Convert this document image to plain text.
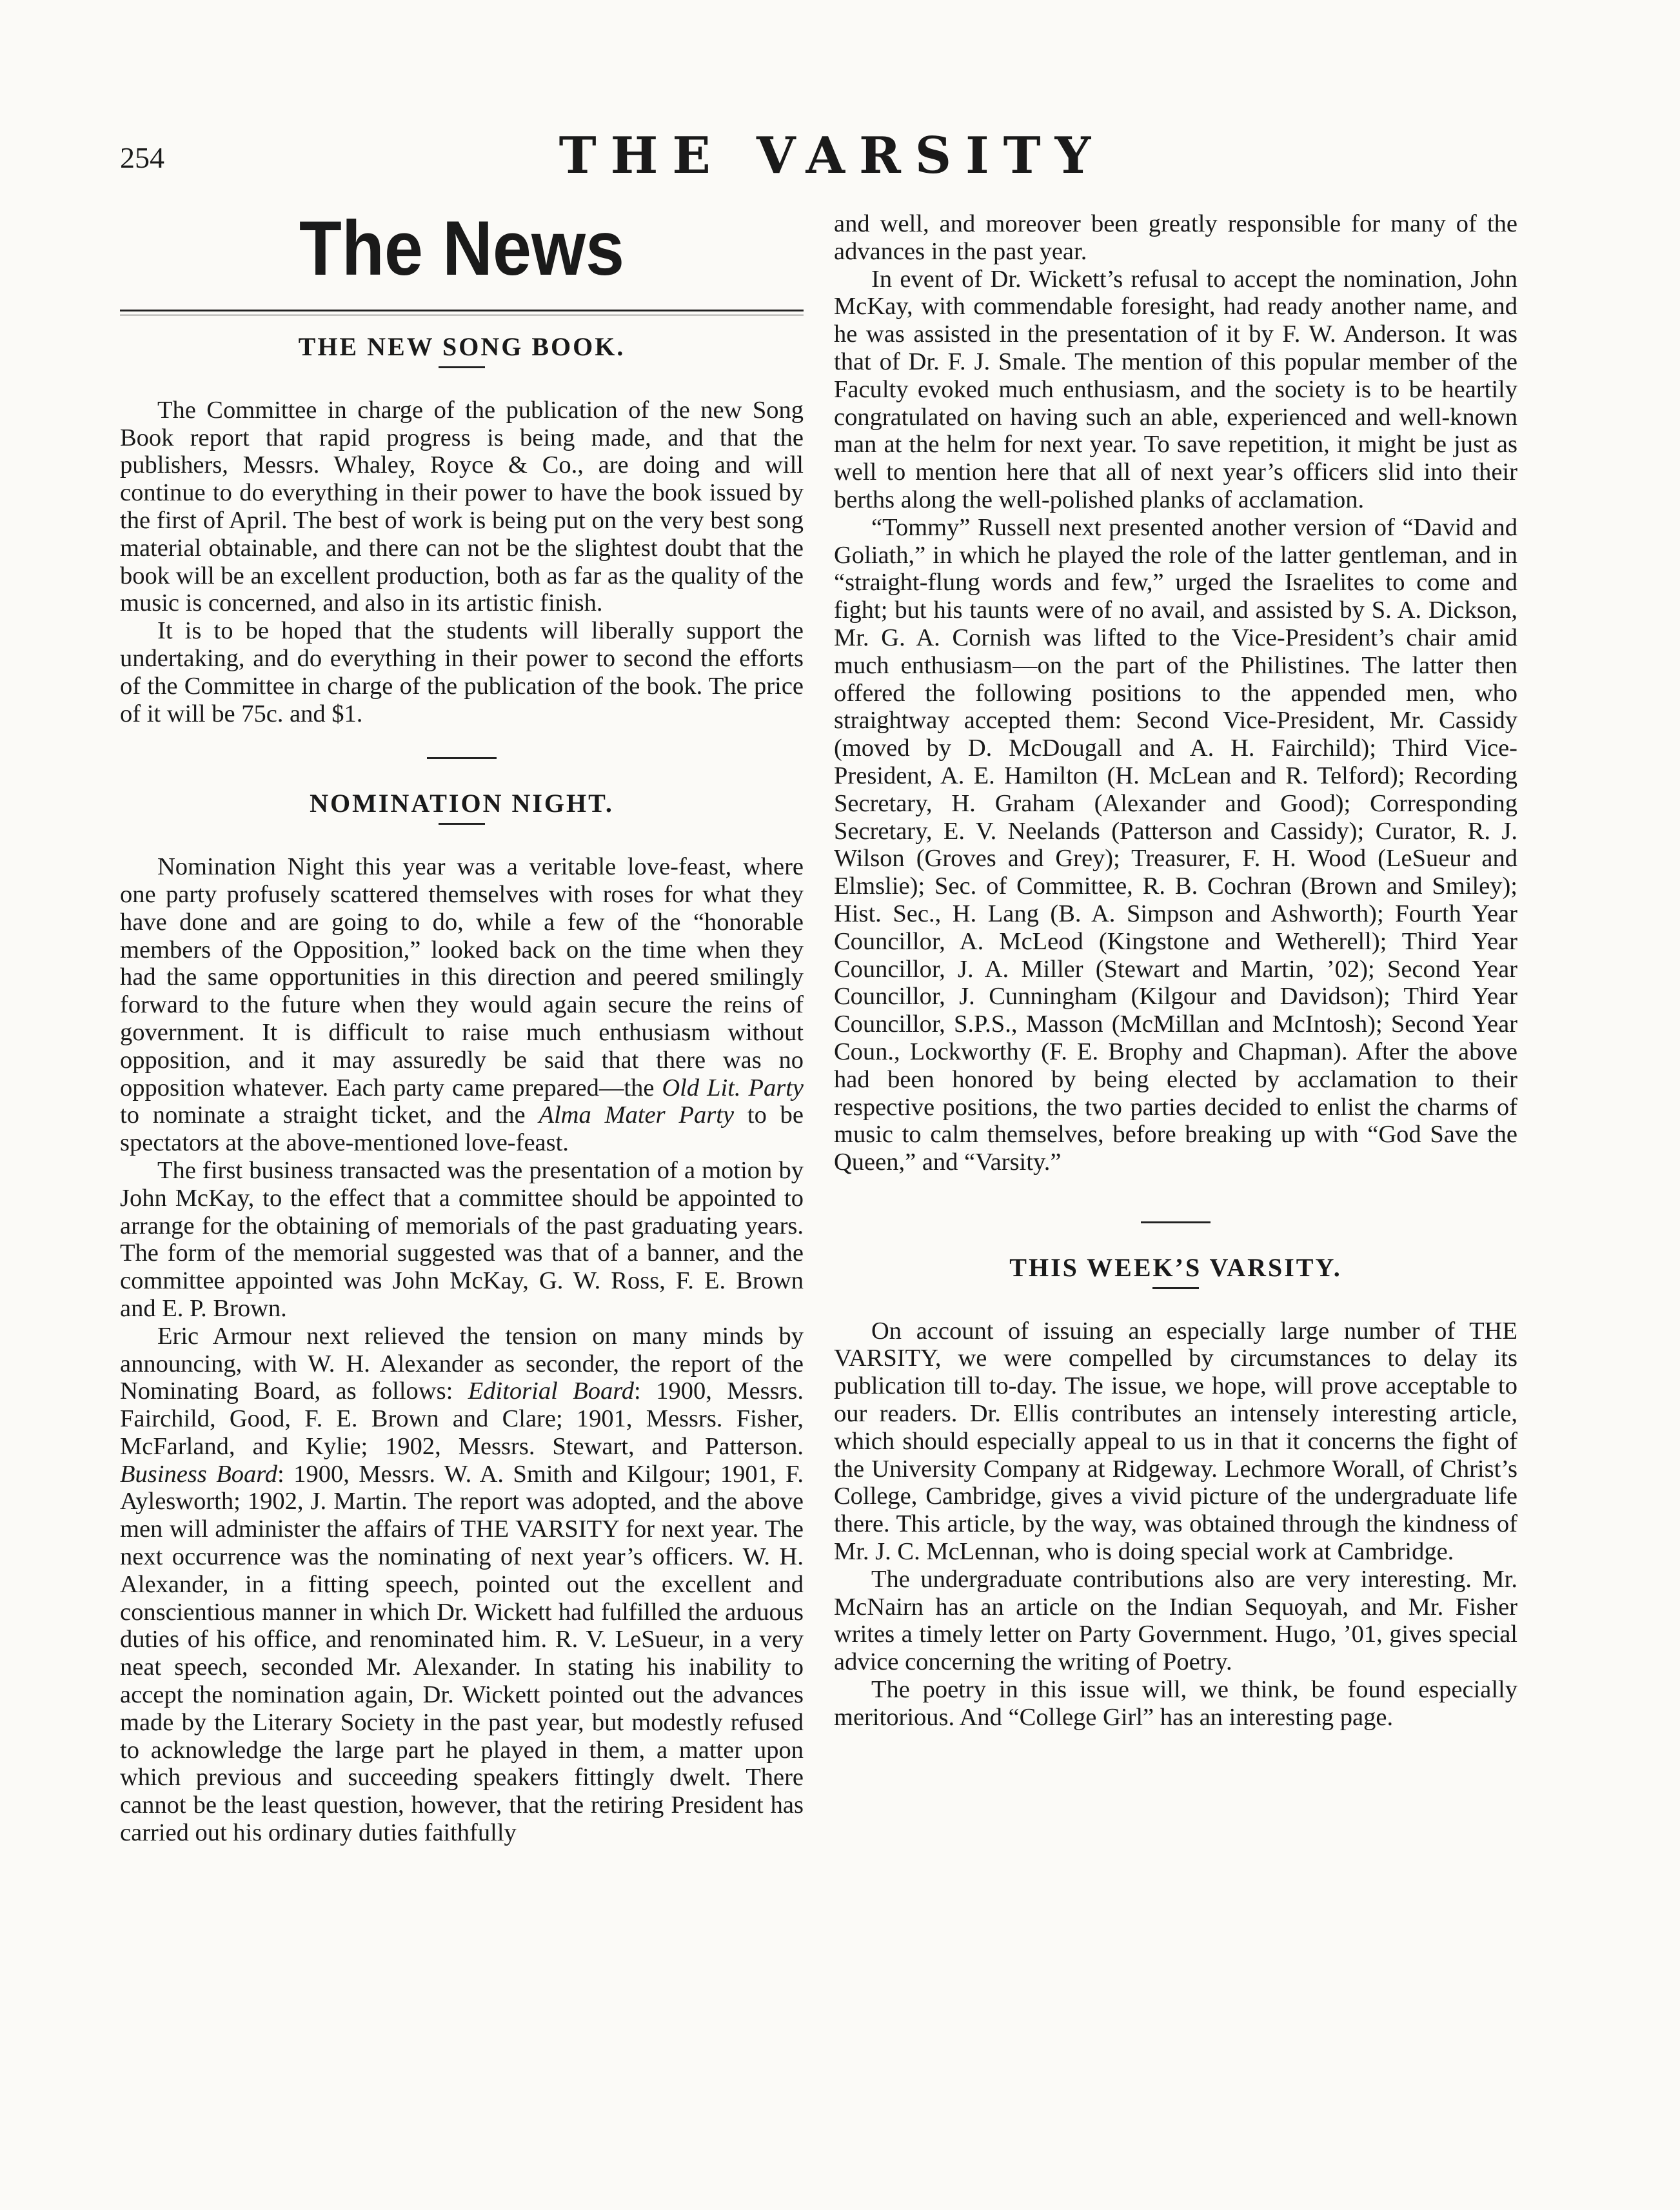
254	THE VARSITY
The News
THE NEW SONG BOOK.

The Committee in charge of the publication of the new Song Book report that rapid progress is being made, and that the publishers, Messrs. Whaley, Royce & Co., are doing and will continue to do everything in their power to have the book issued by the first of April. The best of work is being put on the very best song material obtainable, and there can not be the slightest doubt that the book will be an excellent production, both as far as the quality of the music is concerned, and also in its artistic finish.

It is to be hoped that the students will liberally support the undertaking, and do everything in their power to second the efforts of the Committee in charge of the publication of the book. The price of it will be 75c. and $1.

NOMINATION NIGHT.

Nomination Night this year was a veritable love-feast, where one party profusely scattered themselves with roses for what they have done and are going to do, while a few of the “honorable members of the Opposition,” looked back on the time when they had the same opportunities in this direction and peered smilingly forward to the future when they would again secure the reins of government. It is difficult to raise much enthusiasm without opposition, and it may assuredly be said that there was no opposition whatever. Each party came prepared—the Old Lit. Party to nominate a straight ticket, and the Alma Mater Party to be spectators at the above-mentioned love-feast.

The first business transacted was the presentation of a motion by John McKay, to the effect that a committee should be appointed to arrange for the obtaining of memorials of the past graduating years. The form of the memorial suggested was that of a banner, and the committee appointed was John McKay, G. W. Ross, F. E. Brown and E. P. Brown.

Eric Armour next relieved the tension on many minds by announcing, with W. H. Alexander as seconder, the report of the Nominating Board, as follows: Editorial Board: 1900, Messrs. Fairchild, Good, F. E. Brown and Clare; 1901, Messrs. Fisher, McFarland, and Kylie; 1902, Messrs. Stewart, and Patterson. Business Board: 1900, Messrs. W. A. Smith and Kilgour; 1901, F. Aylesworth; 1902, J. Martin. The report was adopted, and the above men will administer the affairs of THE VARSITY for next year. The next occurrence was the nominating of next year’s officers. W. H. Alexander, in a fitting speech, pointed out the excellent and conscientious manner in which Dr. Wickett had fulfilled the arduous duties of his office, and renominated him. R. V. LeSueur, in a very neat speech, seconded Mr. Alexander. In stating his inability to accept the nomination again, Dr. Wickett pointed out the advances made by the Literary Society in the past year, but modestly refused to acknowledge the large part he played in them, a matter upon which previous and succeeding speakers fittingly dwelt. There cannot be the least question, however, that the retiring President has carried out his ordinary duties faithfully

and well, and moreover been greatly responsible for many of the advances in the past year.

In event of Dr. Wickett’s refusal to accept the nomination, John McKay, with commendable foresight, had ready another name, and he was assisted in the presentation of it by F. W. Anderson. It was that of Dr. F. J. Smale. The mention of this popular member of the Faculty evoked much enthusiasm, and the society is to be heartily congratulated on having such an able, experienced and well-known man at the helm for next year. To save repetition, it might be just as well to mention here that all of next year’s officers slid into their berths along the well-polished planks of acclamation.

“Tommy” Russell next presented another version of “David and Goliath,” in which he played the role of the latter gentleman, and in “straight-flung words and few,” urged the Israelites to come and fight; but his taunts were of no avail, and assisted by S. A. Dickson, Mr. G. A. Cornish was lifted to the Vice-President’s chair amid much enthusiasm—on the part of the Philistines. The latter then offered the following positions to the appended men, who straightway accepted them: Second Vice-President, Mr. Cassidy (moved by D. McDougall and A. H. Fairchild); Third Vice-President, A. E. Hamilton (H. McLean and R. Telford); Recording Secretary, H. Graham (Alexander and Good); Corresponding Secretary, E. V. Neelands (Patterson and Cassidy); Curator, R. J. Wilson (Groves and Grey); Treasurer, F. H. Wood (LeSueur and Elmslie); Sec. of Committee, R. B. Cochran (Brown and Smiley); Hist. Sec., H. Lang (B. A. Simpson and Ashworth); Fourth Year Councillor, A. McLeod (Kingstone and Wetherell); Third Year Councillor, J. A. Miller (Stewart and Martin, ’02); Second Year Councillor, J. Cunningham (Kilgour and Davidson); Third Year Councillor, S.P.S., Masson (McMillan and McIntosh); Second Year Coun., Lockworthy (F. E. Brophy and Chapman). After the above had been honored by being elected by acclamation to their respective positions, the two parties decided to enlist the charms of music to calm themselves, before breaking up with “God Save the Queen,” and “Varsity.”

THIS WEEK’S VARSITY.

On account of issuing an especially large number of THE VARSITY, we were compelled by circumstances to delay its publication till to-day. The issue, we hope, will prove acceptable to our readers. Dr. Ellis contributes an intensely interesting article, which should especially appeal to us in that it concerns the fight of the University Company at Ridgeway. Lechmore Worall, of Christ’s College, Cambridge, gives a vivid picture of the undergraduate life there. This article, by the way, was obtained through the kindness of Mr. J. C. McLennan, who is doing special work at Cambridge.

The undergraduate contributions also are very interesting. Mr. McNairn has an article on the Indian Sequoyah, and Mr. Fisher writes a timely letter on Party Government. Hugo, ’01, gives special advice concerning the writing of Poetry.

The poetry in this issue will, we think, be found especially meritorious. And “College Girl” has an interesting page.
